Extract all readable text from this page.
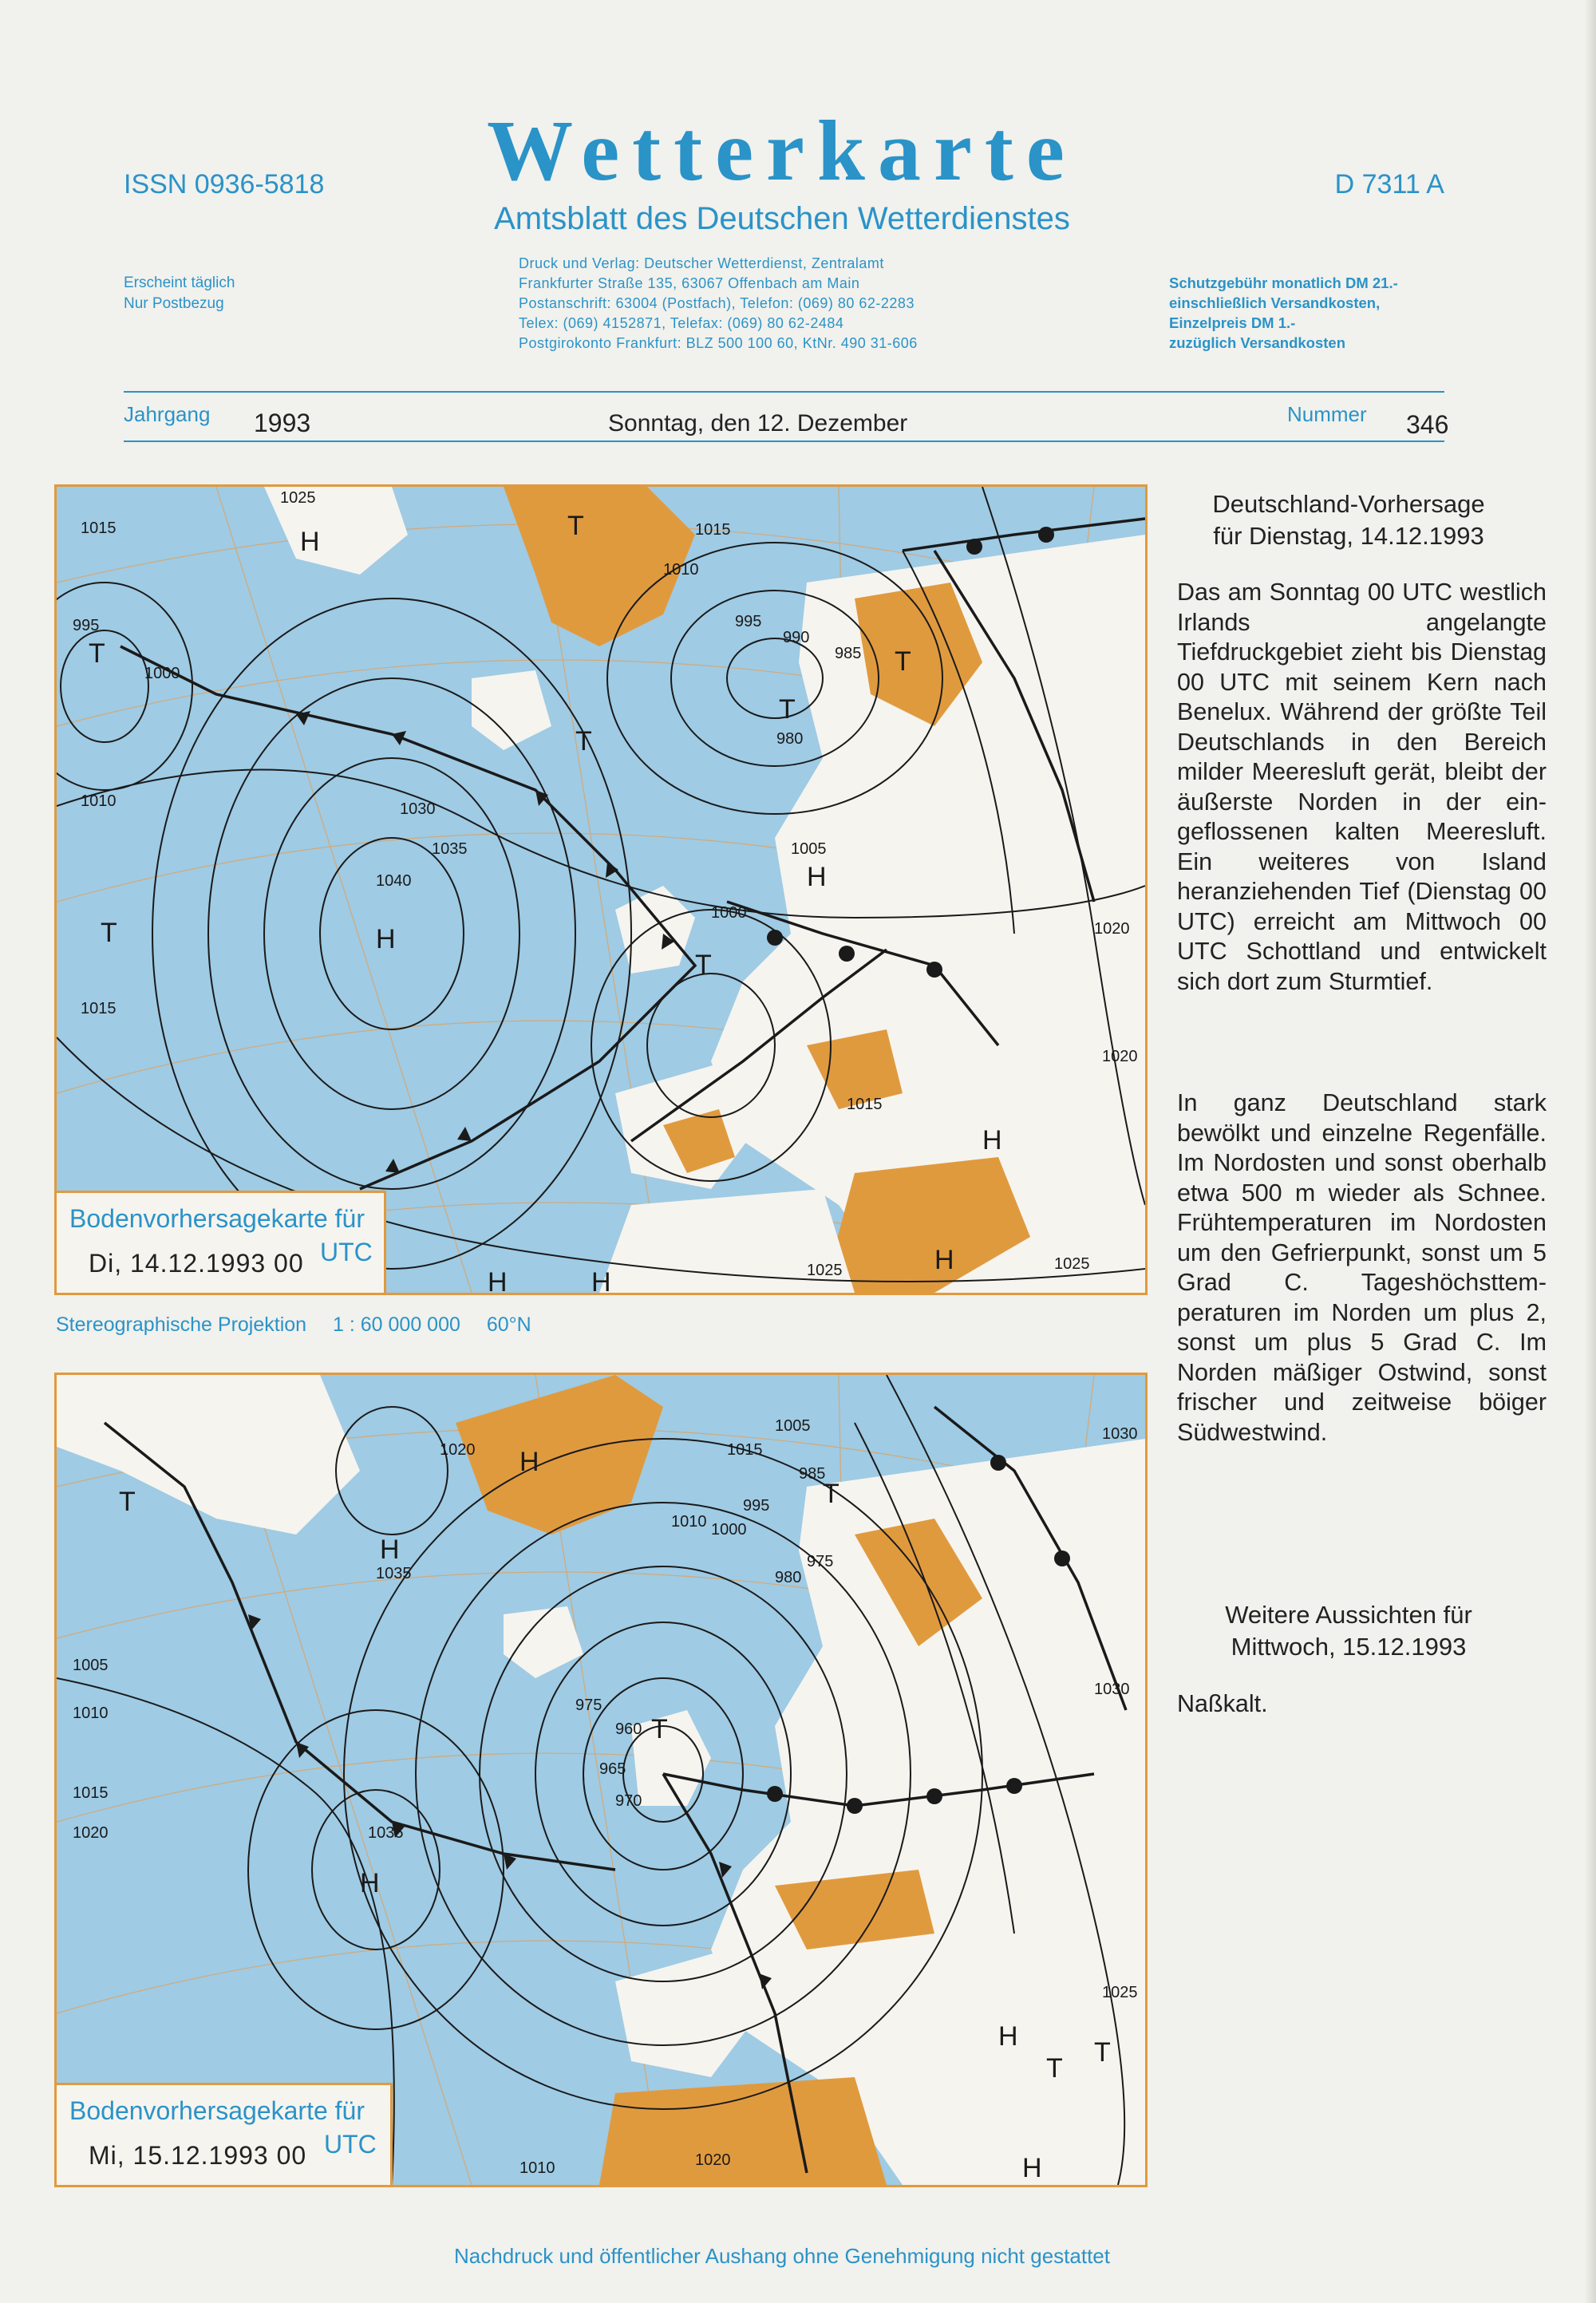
ISSN 0936-5818	Wetterkarte	D 7311 A
Amtsblatt des Deutschen Wetterdienstes
Erscheint täglich
Nur Postbezug
Druck und Verlag: Deutscher Wetterdienst, Zentralamt
Frankfurter Straße 135, 63067 Offenbach am Main
Postanschrift: 63004 (Postfach), Telefon: (069) 80 62-2283
Telex: (069) 4152871, Telefax: (069) 80 62-2484
Postgirokonto Frankfurt: BLZ 500 100 60, KtNr. 490 31-606
Schutzgebühr monatlich DM 21.-
einschließlich Versandkosten,
Einzelpreis DM 1.-
zuzüglich Versandkosten
Jahrgang 1993	Sonntag, den 12. Dezember	Nummer 346
1025
1015	1015
1010
995
990
985
980
1000
1005
1030
1020
1040
1035
995
1000
1010
1015
1025
1020
1015
1025
H
H
H
H
H
H	H
T
T
T
T
T
T
T
Bodenvorhersagekarte für
Di, 14.12.1993 00 UTC
Stereographische Projektion 1 : 60 000 000 60°N
1005
1010
1015
1020	1035
1010 1000
995
985
980
975
1020	1015
1030
1025
1020
1005
1035
1030
975
960
1010
965
970
H
H
H
H
H
T
T
T
T
T
Bodenvorhersagekarte für
Mi, 15.12.1993 00 UTC
Deutschland-Vorhersage
für Dienstag, 14.12.1993
Das am Sonntag 00 UTC westlich Irlands angelangte Tiefdruckgebiet zieht bis Dienstag 00 UTC mit seinem Kern nach Benelux. Während der größte Teil Deutschlands in den Bereich milder Meeresluft gerät, bleibt der äußerste Norden in der eingeflossenen kalten Meeresluft. Ein weiteres von Island heranziehenden Tief (Dienstag 00 UTC) erreicht am Mittwoch 00 UTC Schottland und entwickelt sich dort zum Sturmtief.
In ganz Deutschland stark bewölkt und einzelne Regenfälle. Im Nordosten und sonst oberhalb etwa 500 m wieder als Schnee. Frühtemperaturen im Nordosten um den Gefrierpunkt, sonst um 5 Grad C. Tageshöchsttemperaturen im Norden um plus 2, sonst um plus 5 Grad C. Im Norden mäßiger Ostwind, sonst frischer und zeitweise böiger Südwestwind.
Weitere Aussichten für
Mittwoch, 15.12.1993
Naßkalt.
Nachdruck und öffentlicher Aushang ohne Genehmigung nicht gestattet
